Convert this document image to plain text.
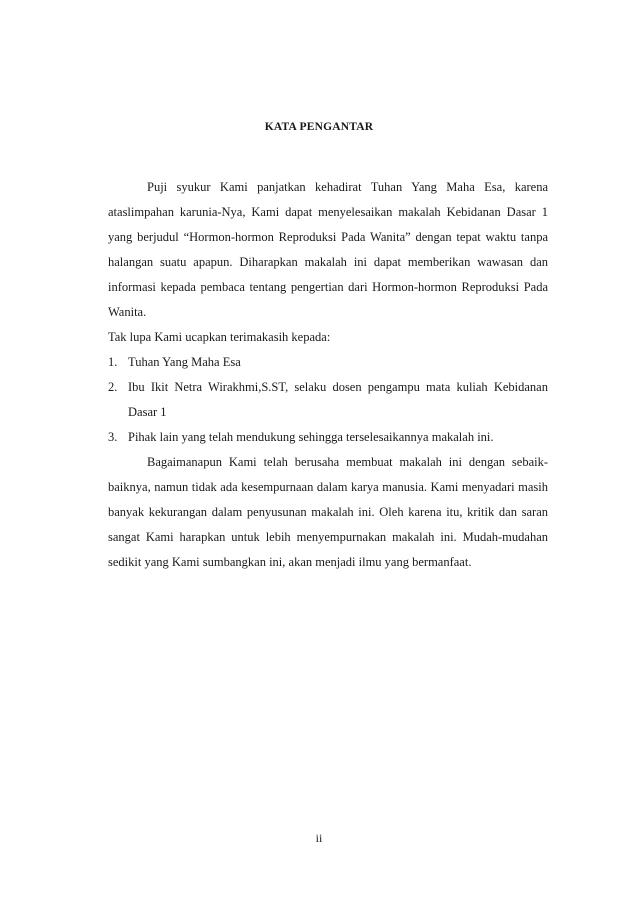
KATA PENGANTAR

Puji syukur Kami panjatkan kehadirat Tuhan Yang Maha Esa, karena ataslimpahan karunia-Nya, Kami dapat menyelesaikan makalah Kebidanan Dasar 1 yang berjudul “Hormon-hormon Reproduksi Pada Wanita” dengan tepat waktu tanpa halangan suatu apapun. Diharapkan makalah ini dapat memberikan wawasan dan informasi kepada pembaca tentang pengertian dari Hormon-hormon Reproduksi Pada Wanita.

Tak lupa Kami ucapkan terimakasih kepada:

1. Tuhan Yang Maha Esa
2. Ibu Ikit Netra Wirakhmi,S.ST, selaku dosen pengampu mata kuliah Kebidanan Dasar 1
3. Pihak lain yang telah mendukung sehingga terselesaikannya makalah ini.

Bagaimanapun Kami telah berusaha membuat makalah ini dengan sebaik-baiknya, namun tidak ada kesempurnaan dalam karya manusia. Kami menyadari masih banyak kekurangan dalam penyusunan makalah ini. Oleh karena itu, kritik dan saran sangat Kami harapkan untuk lebih menyempurnakan makalah ini. Mudah-mudahan sedikit yang Kami sumbangkan ini, akan menjadi ilmu yang bermanfaat.

ii
